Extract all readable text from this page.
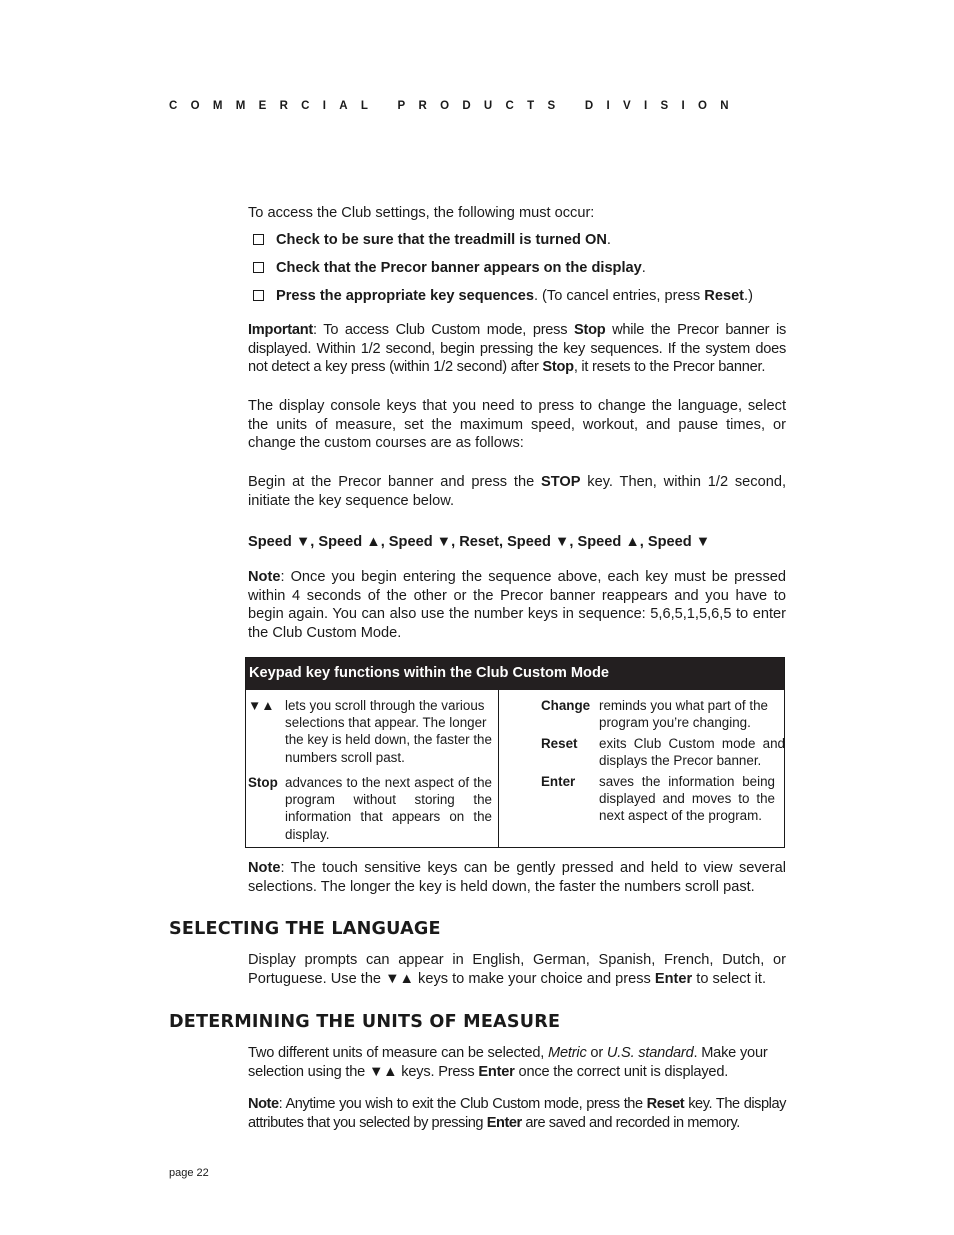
COMMERCIAL PRODUCTS DIVISION
To access the Club settings, the following must occur:
Check to be sure that the treadmill is turned ON.
Check that the Precor banner appears on the display.
Press the appropriate key sequences. (To cancel entries, press Reset.)
Important: To access Club Custom mode, press Stop while the Precor banner is displayed. Within 1/2 second, begin pressing the key sequences. If the system does not detect a key press (within 1/2 second) after Stop, it resets to the Precor banner.
The display console keys that you need to press to change the language, select the units of measure, set the maximum speed, workout, and pause times, or change the custom courses are as follows:
Begin at the Precor banner and press the STOP key. Then, within 1/2 second, initiate the key sequence below.
Speed ▼, Speed ▲, Speed ▼, Reset, Speed ▼, Speed ▲, Speed ▼
Note: Once you begin entering the sequence above, each key must be pressed within 4 seconds of the other or the Precor banner reappears and you have to begin again. You can also use the number keys in sequence: 5,6,5,1,5,6,5 to enter the Club Custom Mode.
Keypad key functions within the Club Custom Mode
▼▲ lets you scroll through the various selections that appear. The longer the key is held down, the faster the numbers scroll past.
Stop advances to the next aspect of the program without storing the information that appears on the display.
Change reminds you what part of the program you’re changing.
Reset exits Club Custom mode and displays the Precor banner.
Enter saves the information being displayed and moves to the next aspect of the program.
Note: The touch sensitive keys can be gently pressed and held to view several selections. The longer the key is held down, the faster the numbers scroll past.
SELECTING THE LANGUAGE
Display prompts can appear in English, German, Spanish, French, Dutch, or Portuguese. Use the ▼▲ keys to make your choice and press Enter to select it.
DETERMINING THE UNITS OF MEASURE
Two different units of measure can be selected, Metric or U.S. standard. Make your selection using the ▼▲ keys. Press Enter once the correct unit is displayed.
Note: Anytime you wish to exit the Club Custom mode, press the Reset key. The display attributes that you selected by pressing Enter are saved and recorded in memory.
page 22
